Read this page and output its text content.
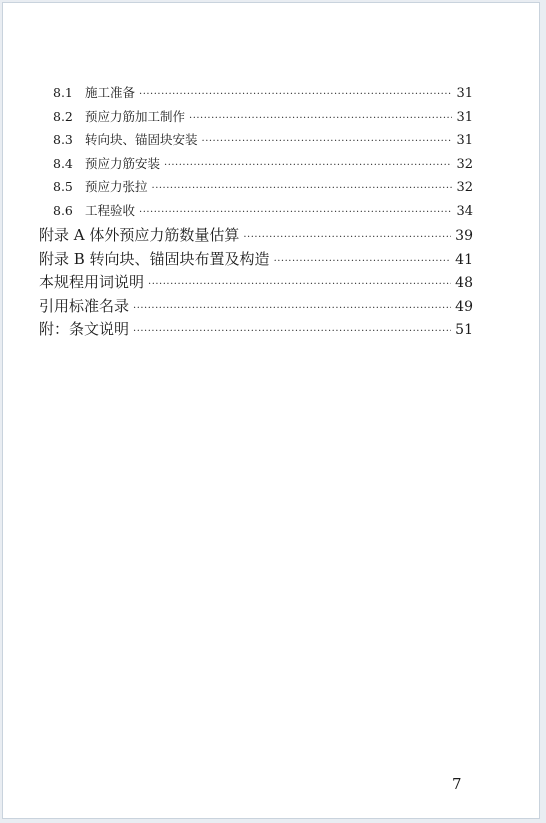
8.1 施工准备 ·····	31
8.2 预应力筋加工制作 ·····	31
8.3 转向块、锚固块安装 ·····	31
8.4 预应力筋安装 ·····	32
8.5 预应力张拉 ·····	32
8.6 工程验收 ·····	34
附录 A 体外预应力筋数量估算 ·····	39
附录 B 转向块、锚固块布置及构造 ·····	41
本规程用词说明 ·····	48
引用标准名录 ·····	49
附：条文说明 ·····	51
7
